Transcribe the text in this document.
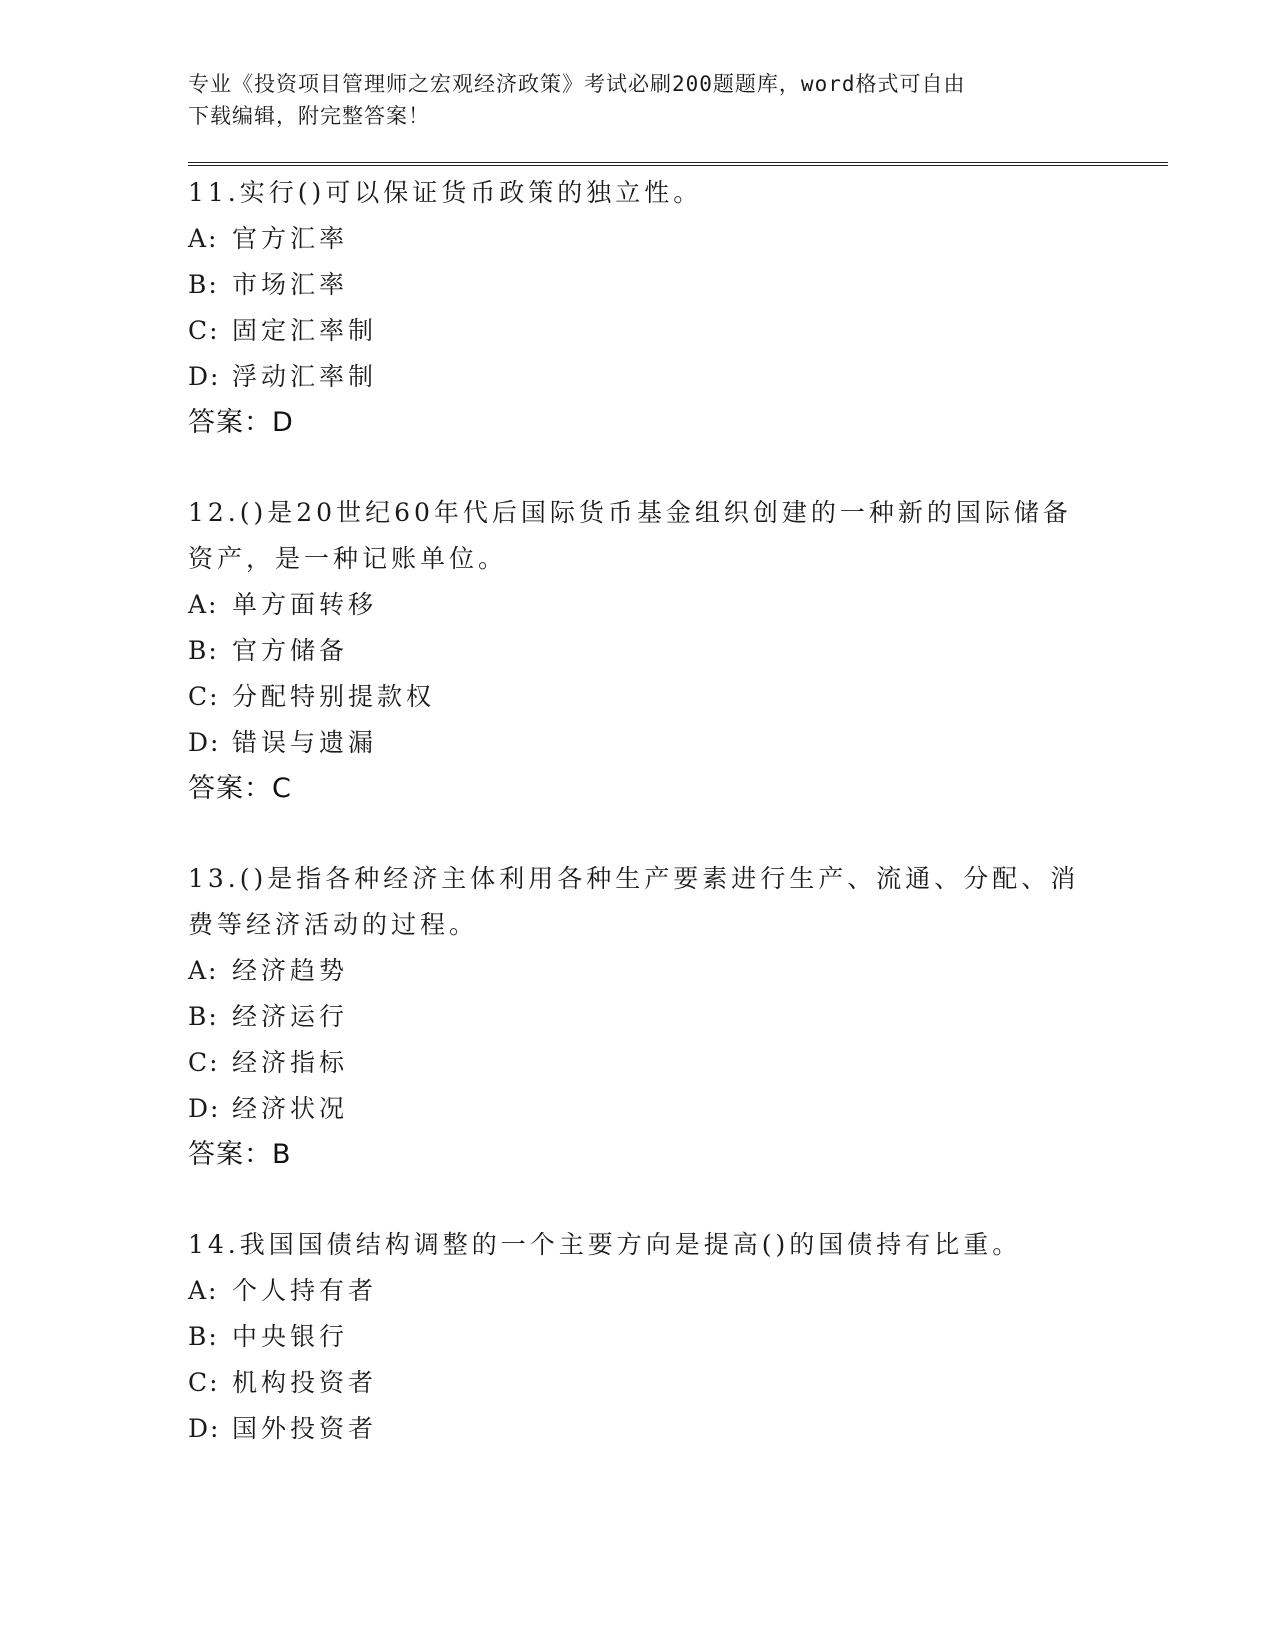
专业《投资项目管理师之宏观经济政策》考试必刷200题题库，word格式可自由
下载编辑，附完整答案！
11.实行()可以保证货币政策的独立性。
A: 官方汇率
B: 市场汇率
C: 固定汇率制
D: 浮动汇率制
答案：D
12.()是20世纪60年代后国际货币基金组织创建的一种新的国际储备
资产，是一种记账单位。
A: 单方面转移
B: 官方储备
C: 分配特别提款权
D: 错误与遗漏
答案：C
13.()是指各种经济主体利用各种生产要素进行生产、流通、分配、消
费等经济活动的过程。
A: 经济趋势
B: 经济运行
C: 经济指标
D: 经济状况
答案：B
14.我国国债结构调整的一个主要方向是提高()的国债持有比重。
A: 个人持有者
B: 中央银行
C: 机构投资者
D: 国外投资者
